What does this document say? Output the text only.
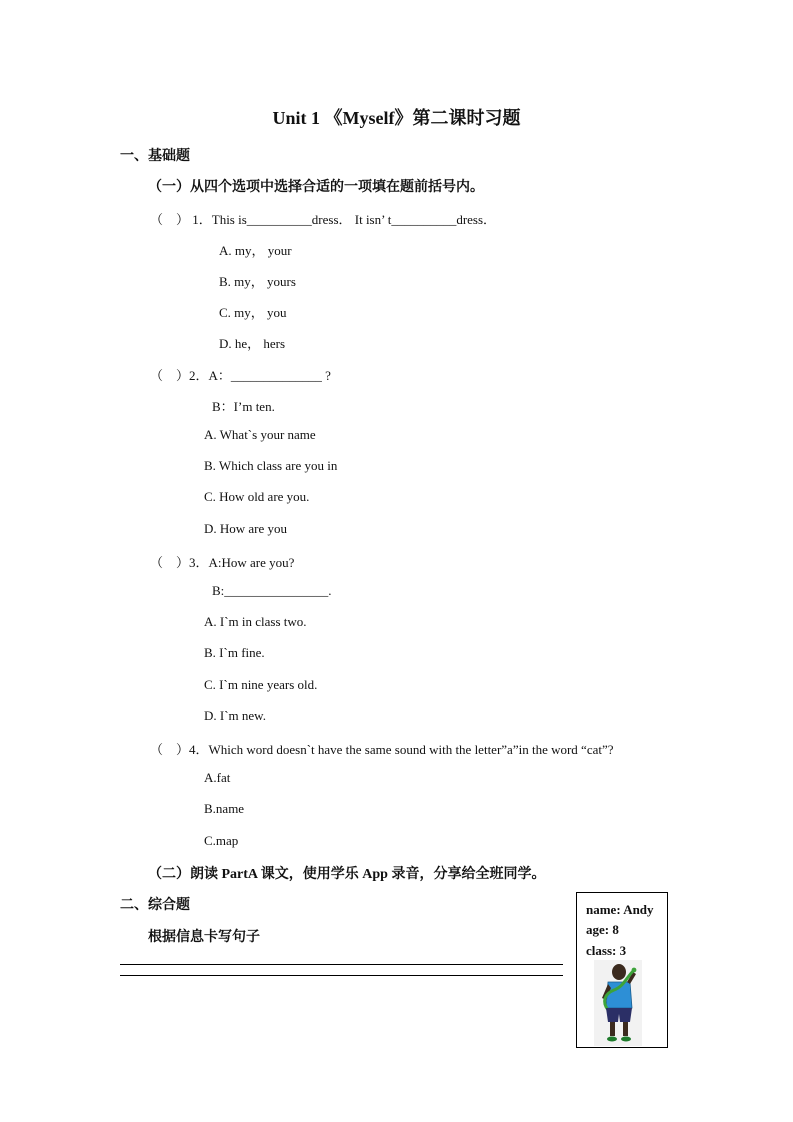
Unit 1 《Myself》第二课时习题
一、基础题
（一）从四个选项中选择合适的一项填在题前括号内。
（　） 1．This is__________dress． It isn’ t__________dress．
A. my， your
B. my， yours
C. my， you
D. he， hers
（　）2．A：______________ ?
B：I’m ten.
A. What`s your name
B. Which class are you in
C. How old are you.
D. How are you
（　）3．A:How are you?
B:________________.
A. I`m in class two.
B. I`m fine.
C. I`m nine years old.
D. I`m new.
（　）4．Which word doesn`t have the same sound with the letter”a”in the word “cat”?
A.fat
B.name
C.map
（二）朗读 PartA 课文，使用学乐 App 录音，分享给全班同学。
二、综合题
根据信息卡写句子
name: Andy
age: 8
class: 3
